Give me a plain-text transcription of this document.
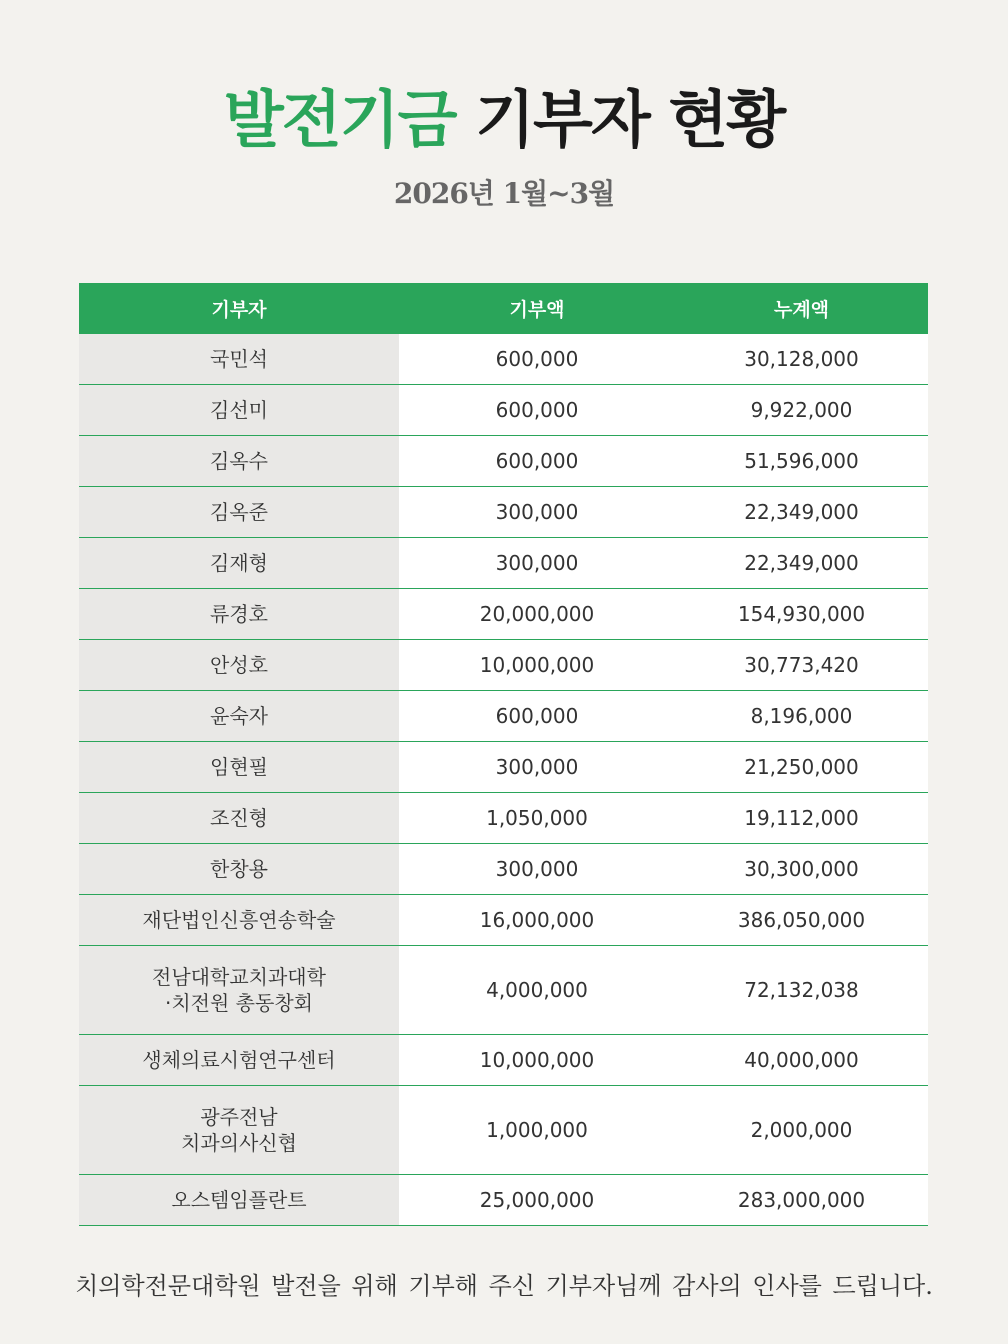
발전기금 기부자 현황
2026년 1월~3월
기부자	기부액	누계액
국민석	600,000	30,128,000
김선미	600,000	9,922,000
김옥수	600,000	51,596,000
김옥준	300,000	22,349,000
김재형	300,000	22,349,000
류경호	20,000,000	154,930,000
안성호	10,000,000	30,773,420
윤숙자	600,000	8,196,000
임현필	300,000	21,250,000
조진형	1,050,000	19,112,000
한창용	300,000	30,300,000
재단법인신흥연송학술	16,000,000	386,050,000
전남대학교치과대학
·치전원 총동창회
4,000,000	72,132,038
생체의료시험연구센터	10,000,000	40,000,000
광주전남
치과의사신협
1,000,000	2,000,000
오스템임플란트	25,000,000	283,000,000
치의학전문대학원 발전을 위해 기부해 주신 기부자님께 감사의 인사를 드립니다.
